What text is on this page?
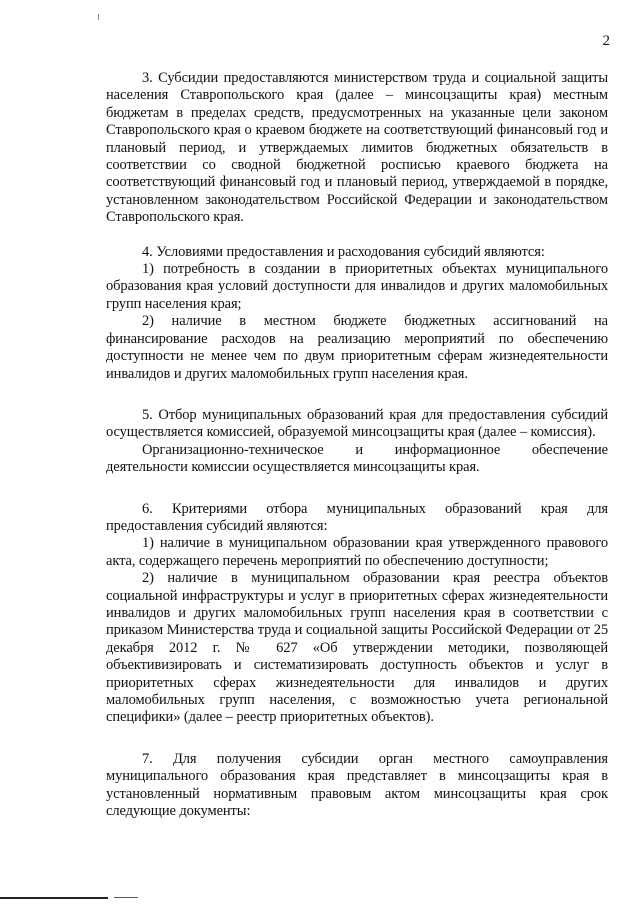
2

3. Субсидии предоставляются министерством труда и социальной защиты населения Ставропольского края (далее – минсоцзащиты края) местным бюджетам в пределах средств, предусмотренных на указанные цели законом Ставропольского края о краевом бюджете на соответствующий финансовый год и плановый период, и утверждаемых лимитов бюджетных обязательств в соответствии со сводной бюджетной росписью краевого бюджета на соответствующий финансовый год и плановый период, утверждаемой в порядке, установленном законодательством Российской Федерации и законодательством Ставропольского края.

4. Условиями предоставления и расходования субсидий являются:

1) потребность в создании в приоритетных объектах муниципального образования края условий доступности для инвалидов и других маломобильных групп населения края;

2) наличие в местном бюджете бюджетных ассигнований на финансирование расходов на реализацию мероприятий по обеспечению доступности не менее чем по двум приоритетным сферам жизнедеятельности инвалидов и других маломобильных групп населения края.

5. Отбор муниципальных образований края для предоставления субсидий осуществляется комиссией, образуемой минсоцзащиты края (далее – комиссия).

Организационно-техническое и информационное обеспечение деятельности комиссии осуществляется минсоцзащиты края.

6. Критериями отбора муниципальных образований края для предоставления субсидий являются:

1) наличие в муниципальном образовании края утвержденного правового акта, содержащего перечень мероприятий по обеспечению доступности;

2) наличие в муниципальном образовании края реестра объектов социальной инфраструктуры и услуг в приоритетных сферах жизнедеятельности инвалидов и других маломобильных групп населения края в соответствии с приказом Министерства труда и социальной защиты Российской Федерации от 25 декабря 2012 г. № 627 «Об утверждении методики, позволяющей объективизировать и систематизировать доступность объектов и услуг в приоритетных сферах жизнедеятельности для инвалидов и других маломобильных групп населения, с возможностью учета региональной специфики» (далее – реестр приоритетных объектов).

7. Для получения субсидии орган местного самоуправления муниципального образования края представляет в минсоцзащиты края в установленный нормативным правовым актом минсоцзащиты края срок следующие документы:
